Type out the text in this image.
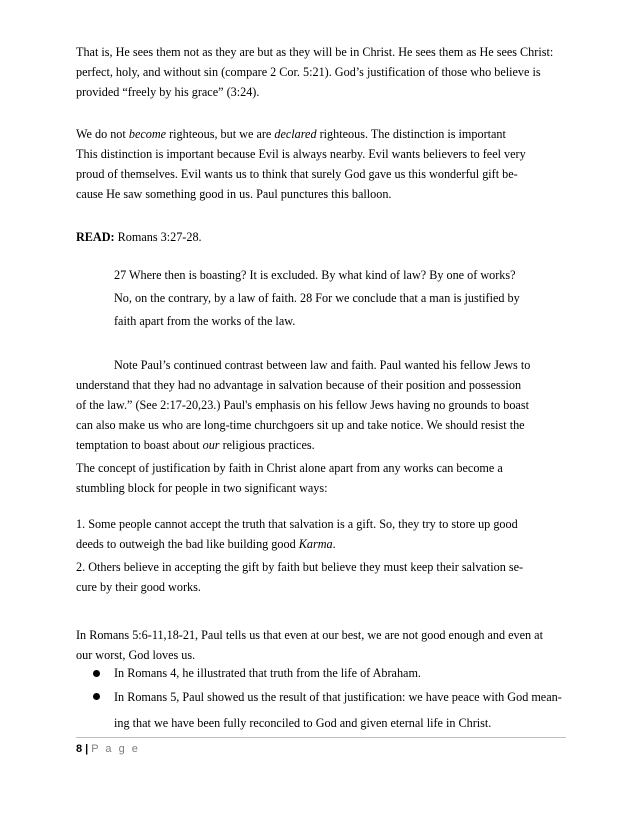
That is, He sees them not as they are but as they will be in Christ. He sees them as He sees Christ:
perfect, holy, and without sin (compare 2 Cor. 5:21). God’s justification of those who believe is
provided “freely by his grace” (3:24).
We do not become righteous, but we are declared righteous. The distinction is important
This distinction is important because Evil is always nearby. Evil wants believers to feel very
proud of themselves. Evil wants us to think that surely God gave us this wonderful gift be-
cause He saw something good in us. Paul punctures this balloon.
READ: Romans 3:27-28.
27 Where then is boasting? It is excluded. By what kind of law? By one of works?
No, on the contrary, by a law of faith. 28 For we conclude that a man is justified by
faith apart from the works of the law.
Note Paul’s continued contrast between law and faith. Paul wanted his fellow Jews to
understand that they had no advantage in salvation because of their position and possession
of the law.” (See 2:17-20,23.) Paul's emphasis on his fellow Jews having no grounds to boast
can also make us who are long-time churchgoers sit up and take notice. We should resist the
temptation to boast about our religious practices.
The concept of justification by faith in Christ alone apart from any works can become a
stumbling block for people in two significant ways:
1. Some people cannot accept the truth that salvation is a gift. So, they try to store up good
deeds to outweigh the bad like building good Karma.
2. Others believe in accepting the gift by faith but believe they must keep their salvation se-
cure by their good works.
In Romans 5:6-11,18-21, Paul tells us that even at our best, we are not good enough and even at
our worst, God loves us.
In Romans 4, he illustrated that truth from the life of Abraham.
In Romans 5, Paul showed us the result of that justification: we have peace with God mean-
ing that we have been fully reconciled to God and given eternal life in Christ.
8 | P a g e
